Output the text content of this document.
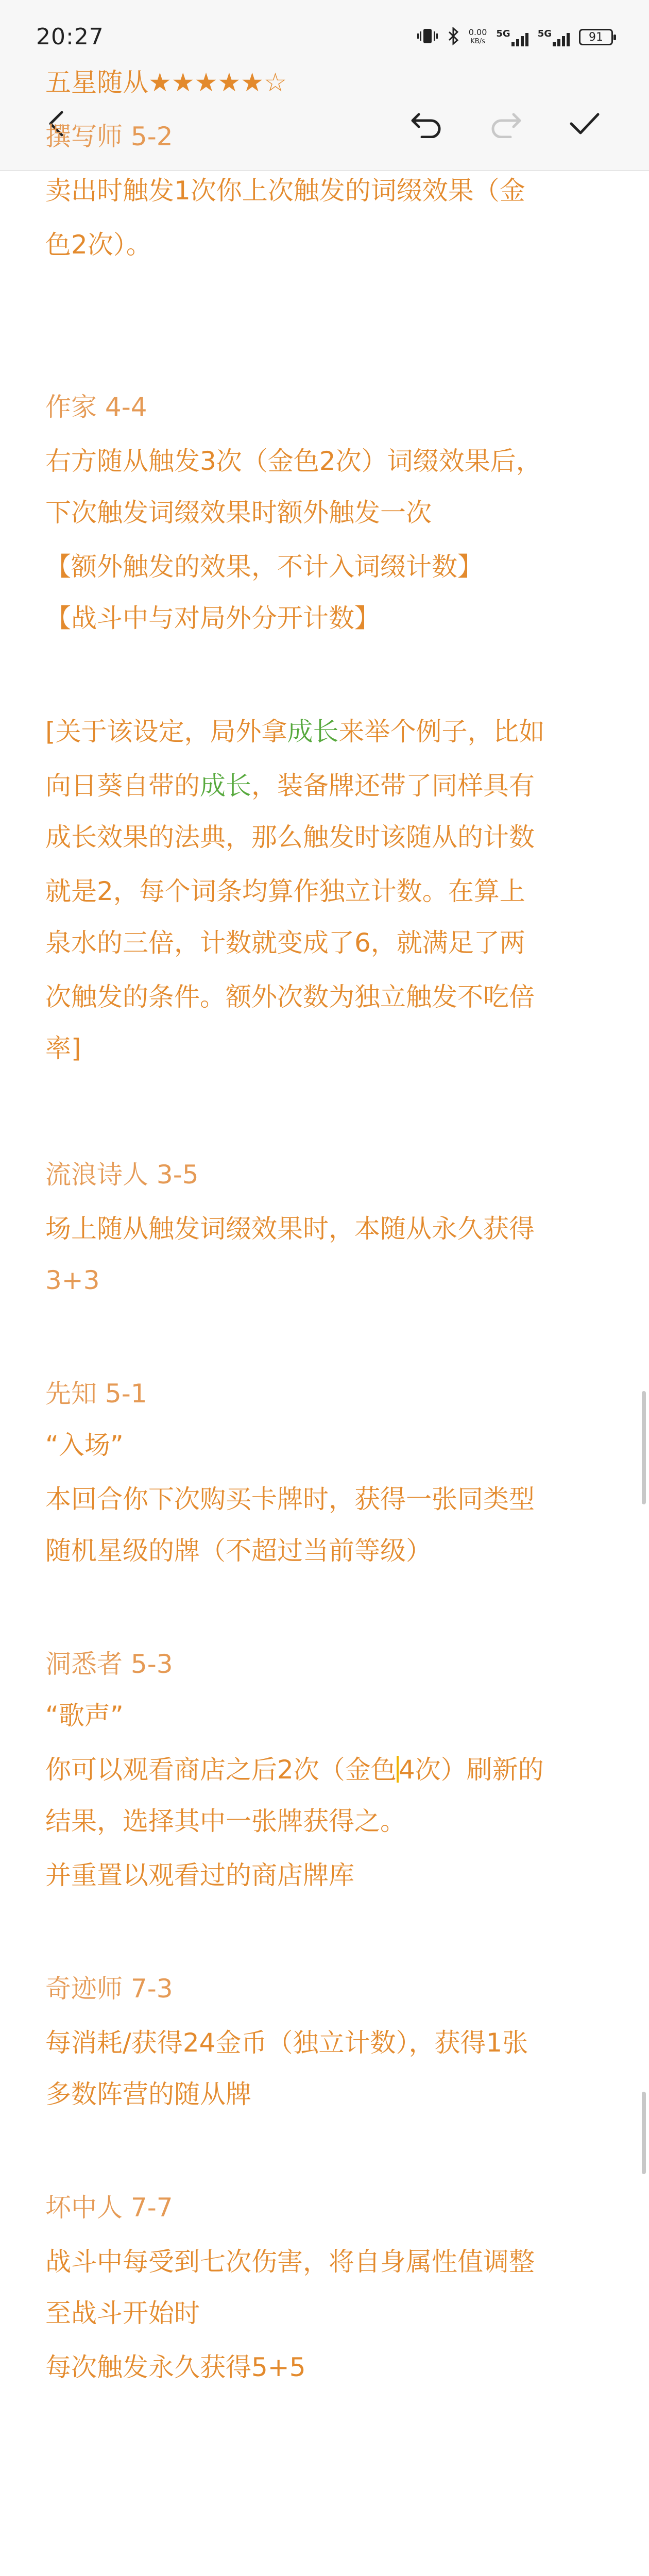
20:27	0.00
KB/s
5G	5G	91
五星随从★★★★★☆
撰写师 5-2
卖出时触发1次你上次触发的词缀效果（金
色2次）。
作家 4-4
右方随从触发3次（金色2次）词缀效果后，
下次触发词缀效果时额外触发一次
【额外触发的效果，不计入词缀计数】
【战斗中与对局外分开计数】
[关于该设定，局外拿成长来举个例子，比如
向日葵自带的成长，装备牌还带了同样具有
成长效果的法典，那么触发时该随从的计数
就是2，每个词条均算作独立计数。在算上
泉水的三倍，计数就变成了6，就满足了两
次触发的条件。额外次数为独立触发不吃倍
率]
流浪诗人 3-5
场上随从触发词缀效果时，本随从永久获得
3+3
先知 5-1
“入场”
本回合你下次购买卡牌时，获得一张同类型
随机星级的牌（不超过当前等级）
洞悉者 5-3
“歌声”
你可以观看商店之后2次（金色4次）刷新的
结果，选择其中一张牌获得之。
并重置以观看过的商店牌库
奇迹师 7-3
每消耗/获得24金币（独立计数），获得1张
多数阵营的随从牌
坏中人 7-7
战斗中每受到七次伤害，将自身属性值调整
至战斗开始时
每次触发永久获得5+5
